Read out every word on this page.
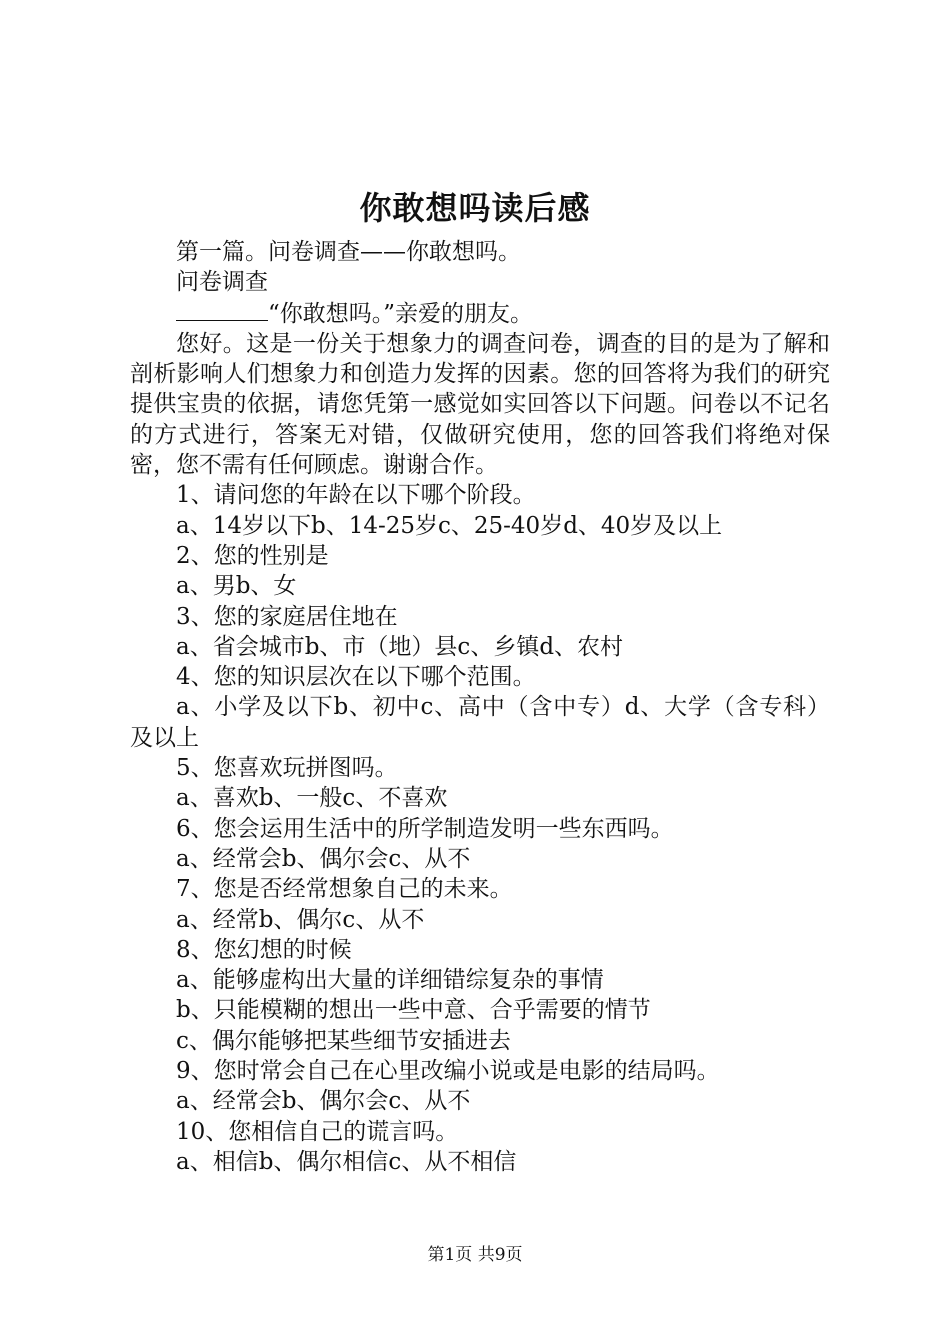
你敢想吗读后感

第一篇。问卷调查——你敢想吗。

问卷调查

“你敢想吗。”亲爱的朋友。

您好。这是一份关于想象力的调查问卷，调查的目的是为了解和剖析影响人们想象力和创造力发挥的因素。您的回答将为我们的研究提供宝贵的依据，请您凭第一感觉如实回答以下问题。问卷以不记名的方式进行，答案无对错，仅做研究使用，您的回答我们将绝对保密，您不需有任何顾虑。谢谢合作。

1、请问您的年龄在以下哪个阶段。

a、14岁以下b、14-25岁c、25-40岁d、40岁及以上

2、您的性别是

a、男b、女

3、您的家庭居住地在

a、省会城市b、市（地）县c、乡镇d、农村

4、您的知识层次在以下哪个范围。

a、小学及以下b、初中c、高中（含中专）d、大学（含专科）及以上

5、您喜欢玩拼图吗。

a、喜欢b、一般c、不喜欢

6、您会运用生活中的所学制造发明一些东西吗。

a、经常会b、偶尔会c、从不

7、您是否经常想象自己的未来。

a、经常b、偶尔c、从不

8、您幻想的时候

a、能够虚构出大量的详细错综复杂的事情

b、只能模糊的想出一些中意、合乎需要的情节

c、偶尔能够把某些细节安插进去

9、您时常会自己在心里改编小说或是电影的结局吗。

a、经常会b、偶尔会c、从不

10、您相信自己的谎言吗。

a、相信b、偶尔相信c、从不相信

第1页 共9页
